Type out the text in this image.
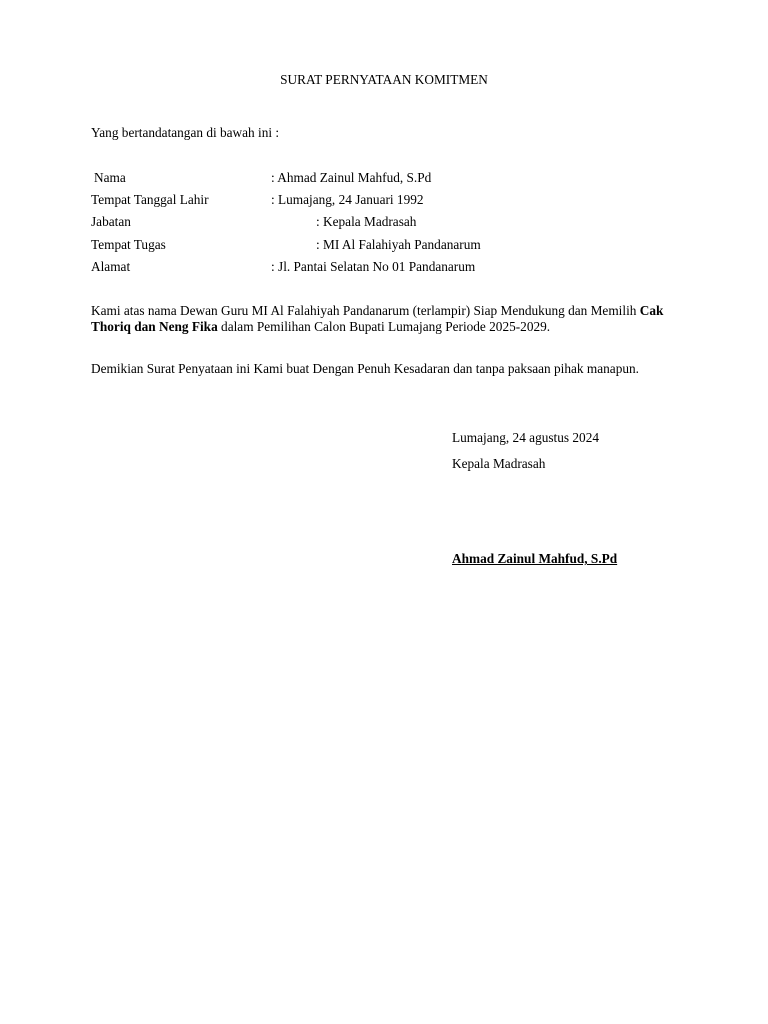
SURAT PERNYATAAN KOMITMEN
Yang bertandatangan di bawah ini :
Nama	: Ahmad Zainul Mahfud, S.Pd
Tempat Tanggal Lahir	: Lumajang, 24 Januari 1992
Jabatan	: Kepala Madrasah
Tempat Tugas	: MI Al Falahiyah Pandanarum
Alamat	: Jl. Pantai Selatan No 01 Pandanarum
Kami atas nama Dewan Guru MI Al Falahiyah Pandanarum (terlampir) Siap Mendukung dan Memilih Cak Thoriq dan Neng Fika dalam Pemilihan Calon Bupati Lumajang Periode 2025-2029.
Demikian Surat Penyataan ini Kami buat Dengan Penuh Kesadaran dan tanpa paksaan pihak manapun.
Lumajang, 24 agustus 2024
Kepala Madrasah
Ahmad Zainul Mahfud, S.Pd
